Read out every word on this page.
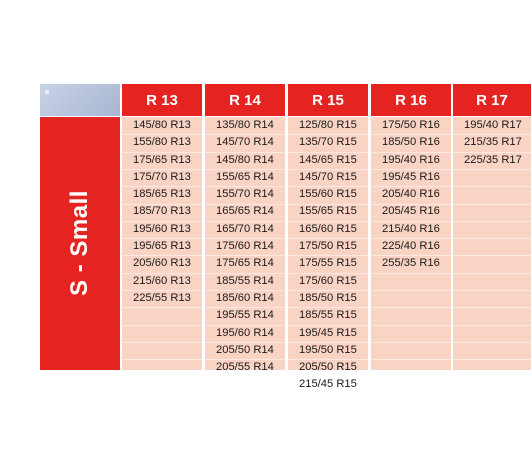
S - Small
R 13
145/80 R13
155/80 R13
175/65 R13
175/70 R13
185/65 R13
185/70 R13
195/60 R13
195/65 R13
205/60 R13
215/60 R13
225/55 R13
R 14
135/80 R14
145/70 R14
145/80 R14
155/65 R14
155/70 R14
165/65 R14
165/70 R14
175/60 R14
175/65 R14
185/55 R14
185/60 R14
195/55 R14
195/60 R14
205/50 R14
205/55 R14
R 15
125/80 R15
135/70 R15
145/65 R15
145/70 R15
155/60 R15
155/65 R15
165/60 R15
175/50 R15
175/55 R15
175/60 R15
185/50 R15
185/55 R15
195/45 R15
195/50 R15
205/50 R15
215/45 R15
R 16
175/50 R16
185/50 R16
195/40 R16
195/45 R16
205/40 R16
205/45 R16
215/40 R16
225/40 R16
255/35 R16
R 17
195/40 R17
215/35 R17
225/35 R17
